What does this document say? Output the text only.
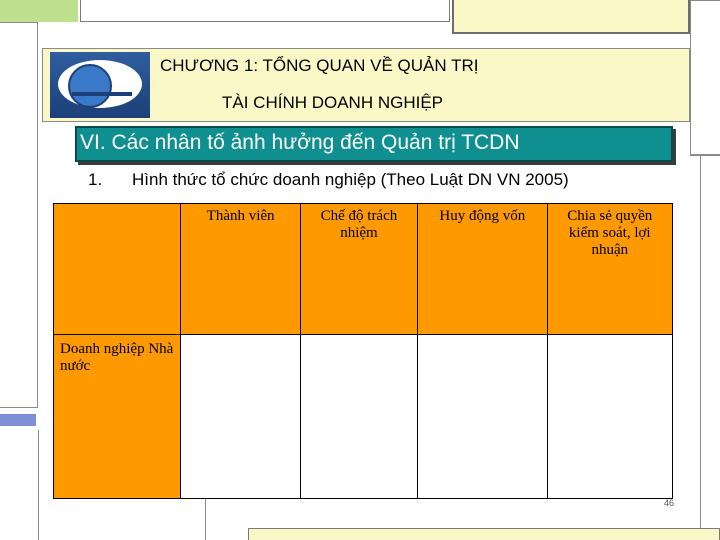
CHƯƠNG 1: TỔNG QUAN VỀ QUẢN TRỊ
TÀI CHÍNH DOANH NGHIỆP
VI. Các nhân tố ảnh hưởng đến Quản trị TCDN
1. Hình thức tổ chức doanh nghiệp (Theo Luật DN VN 2005)
	Thành viên	Chế độ trách nhiệm	Huy động vốn	Chia sẻ quyền kiểm soát, lợi nhuận

Doanh nghiệp Nhà nước				

46
